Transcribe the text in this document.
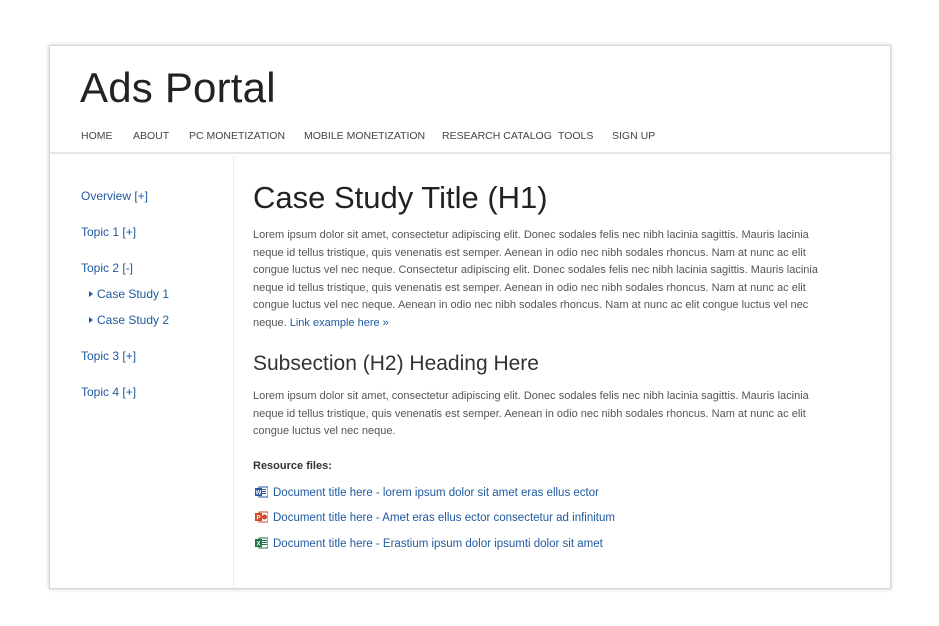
Ads Portal
HOME ABOUT PC MONETIZATION MOBILE MONETIZATION RESEARCH CATALOG TOOLS SIGN UP
Overview [+]
Topic 1 [+]
Topic 2 [-]
Case Study 1
Case Study 2
Topic 3 [+]
Topic 4 [+]
Case Study Title (H1)

Lorem ipsum dolor sit amet, consectetur adipiscing elit. Donec sodales felis nec nibh lacinia sagittis. Mauris lacinia neque id tellus tristique, quis venenatis est semper. Aenean in odio nec nibh sodales rhoncus. Nam at nunc ac elit congue luctus vel nec neque. Consectetur adipiscing elit. Donec sodales felis nec nibh lacinia sagittis. Mauris lacinia neque id tellus tristique, quis venenatis est semper. Aenean in odio nec nibh sodales rhoncus. Nam at nunc ac elit congue luctus vel nec neque. Aenean in odio nec nibh sodales rhoncus. Nam at nunc ac elit congue luctus vel nec neque. Link example here »

Subsection (H2) Heading Here

Lorem ipsum dolor sit amet, consectetur adipiscing elit. Donec sodales felis nec nibh lacinia sagittis. Mauris lacinia neque id tellus tristique, quis venenatis est semper. Aenean in odio nec nibh sodales rhoncus. Nam at nunc ac elit congue luctus vel nec neque.

Resource files:
W Document title here - lorem ipsum dolor sit amet eras ellus ector
P Document title here - Amet eras ellus ector consectetur ad infinitum
X Document title here - Erastium ipsum dolor ipsumti dolor sit amet
